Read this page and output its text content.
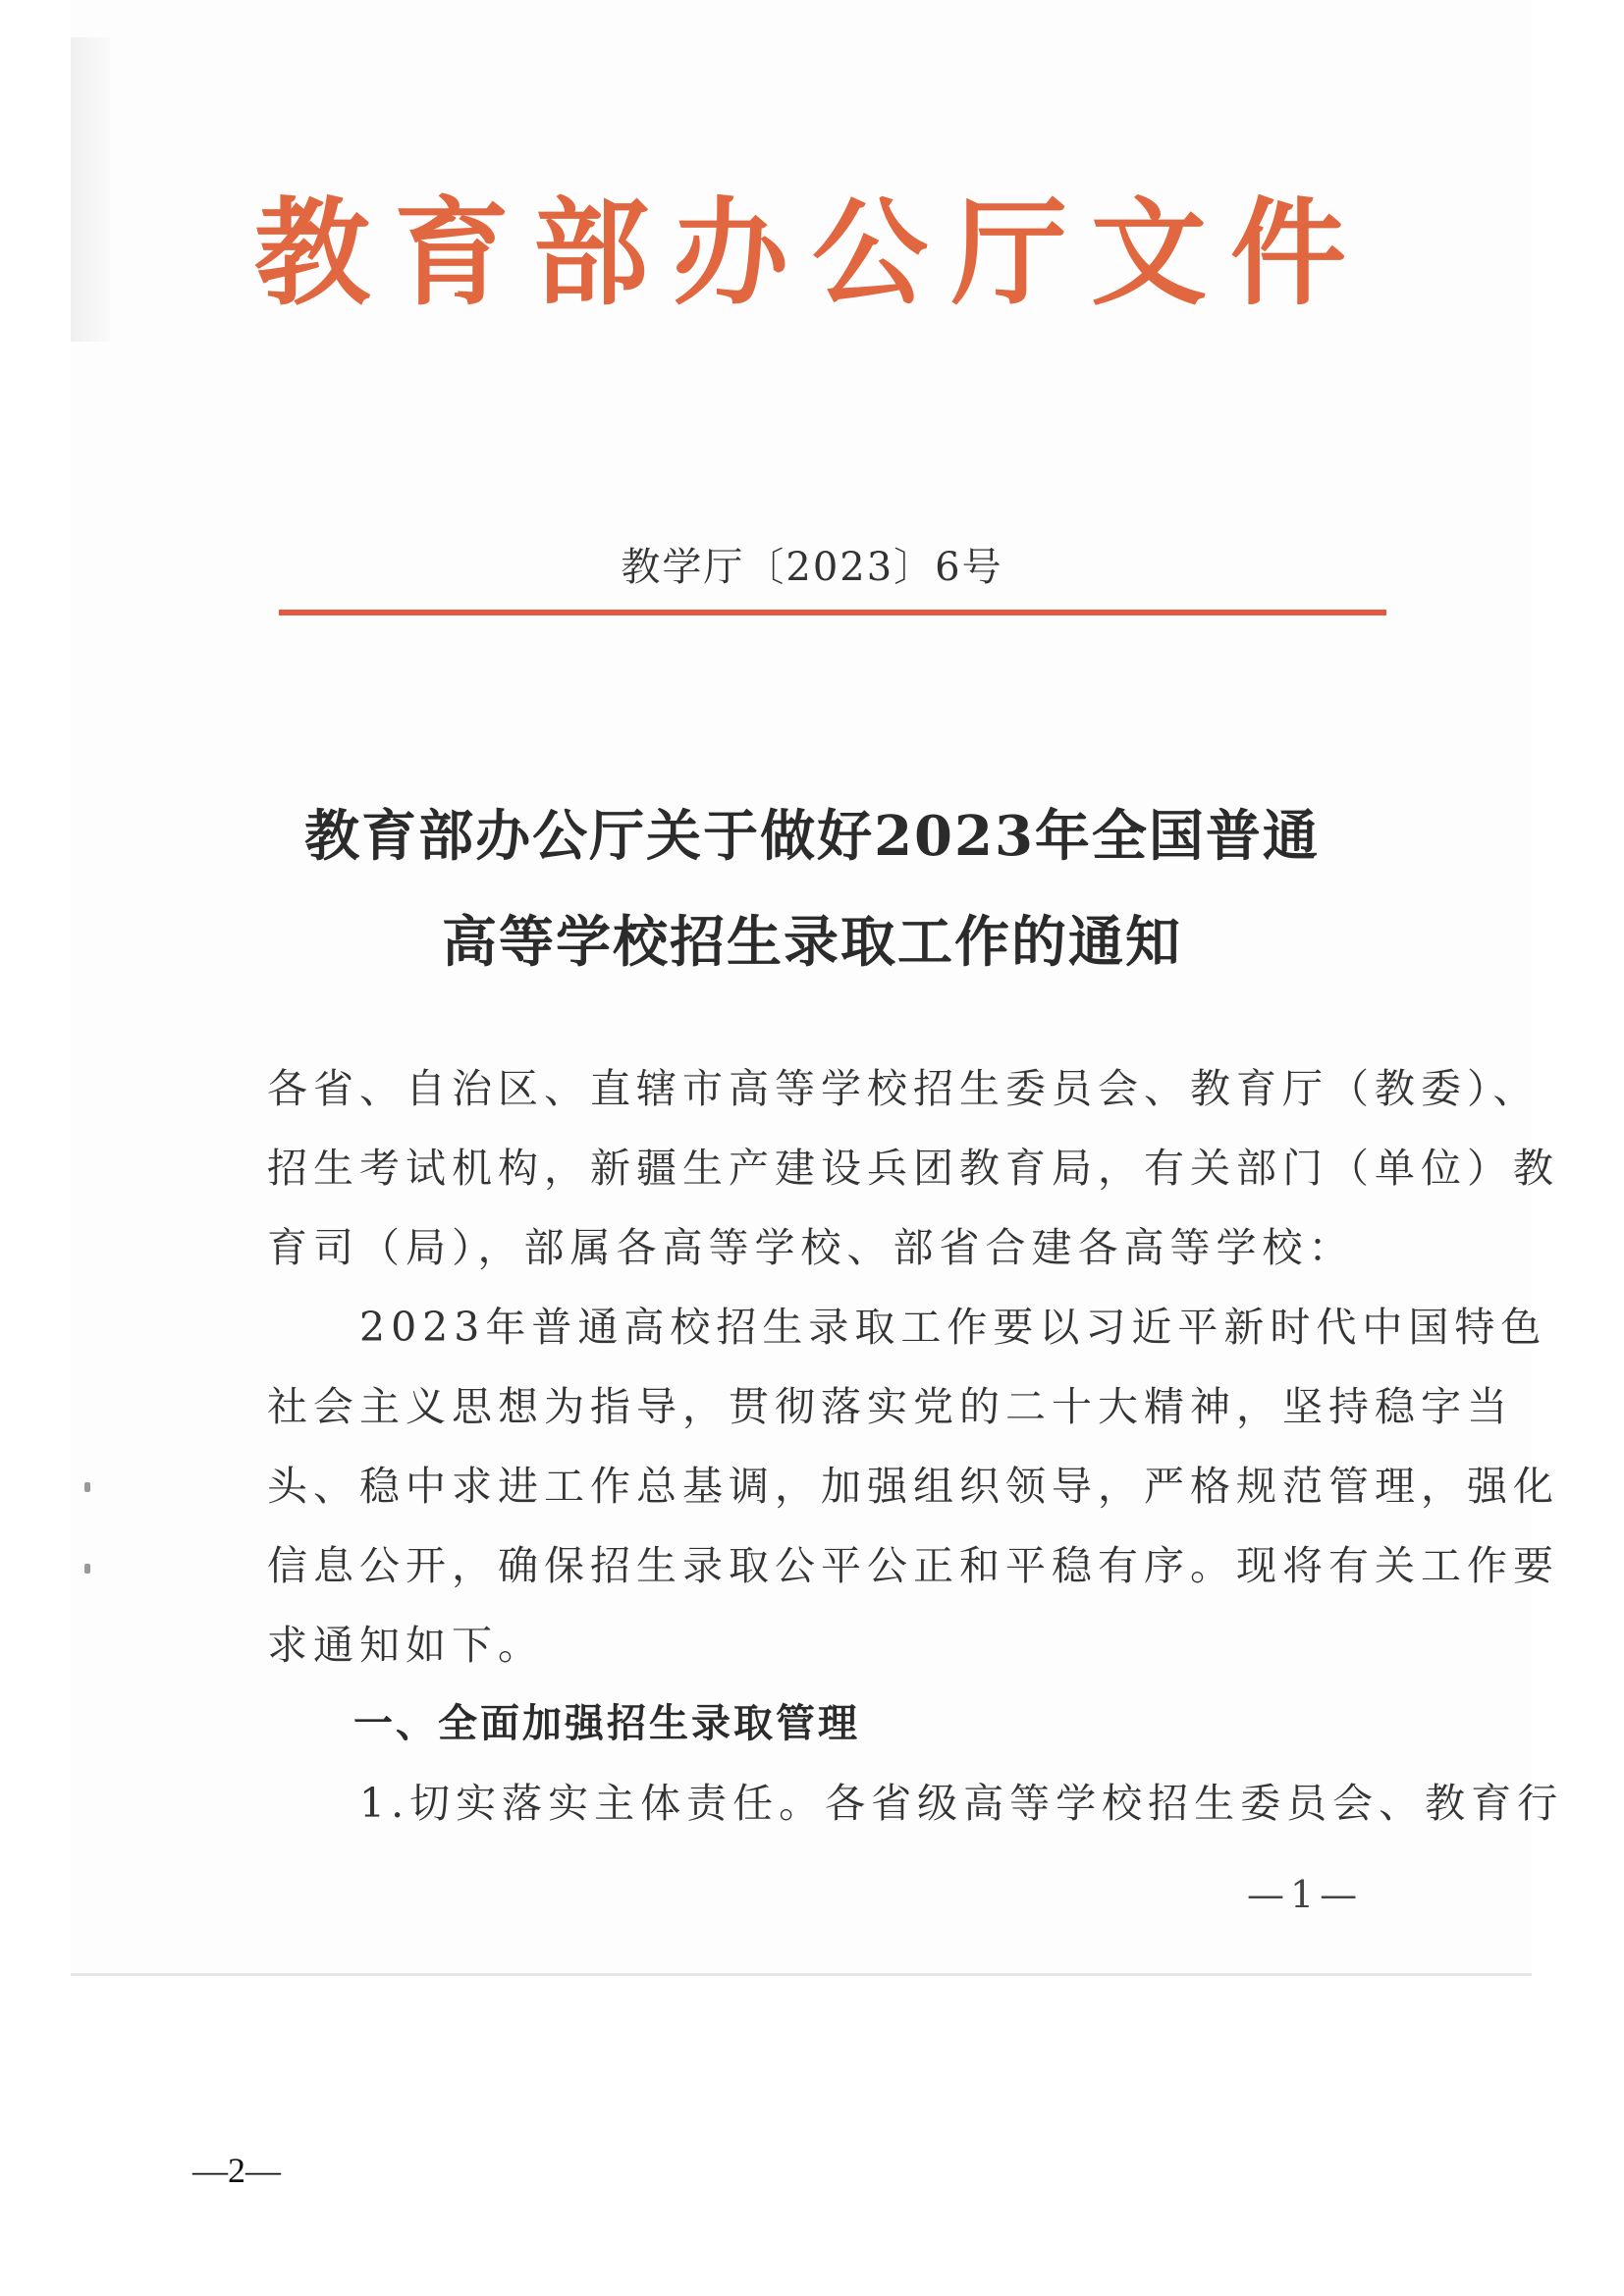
教育部办公厅文件
教学厅〔2023〕6号
教育部办公厅关于做好2023年全国普通
高等学校招生录取工作的通知
各省、自治区、直辖市高等学校招生委员会、教育厅（教委）、
招生考试机构，新疆生产建设兵团教育局，有关部门（单位）教
育司（局），部属各高等学校、部省合建各高等学校：
　　2023年普通高校招生录取工作要以习近平新时代中国特色
社会主义思想为指导，贯彻落实党的二十大精神，坚持稳字当
头、稳中求进工作总基调，加强组织领导，严格规范管理，强化
信息公开，确保招生录取公平公正和平稳有序。现将有关工作要
求通知如下。
一、全面加强招生录取管理
　　1.切实落实主体责任。各省级高等学校招生委员会、教育行
—1—
—2—
